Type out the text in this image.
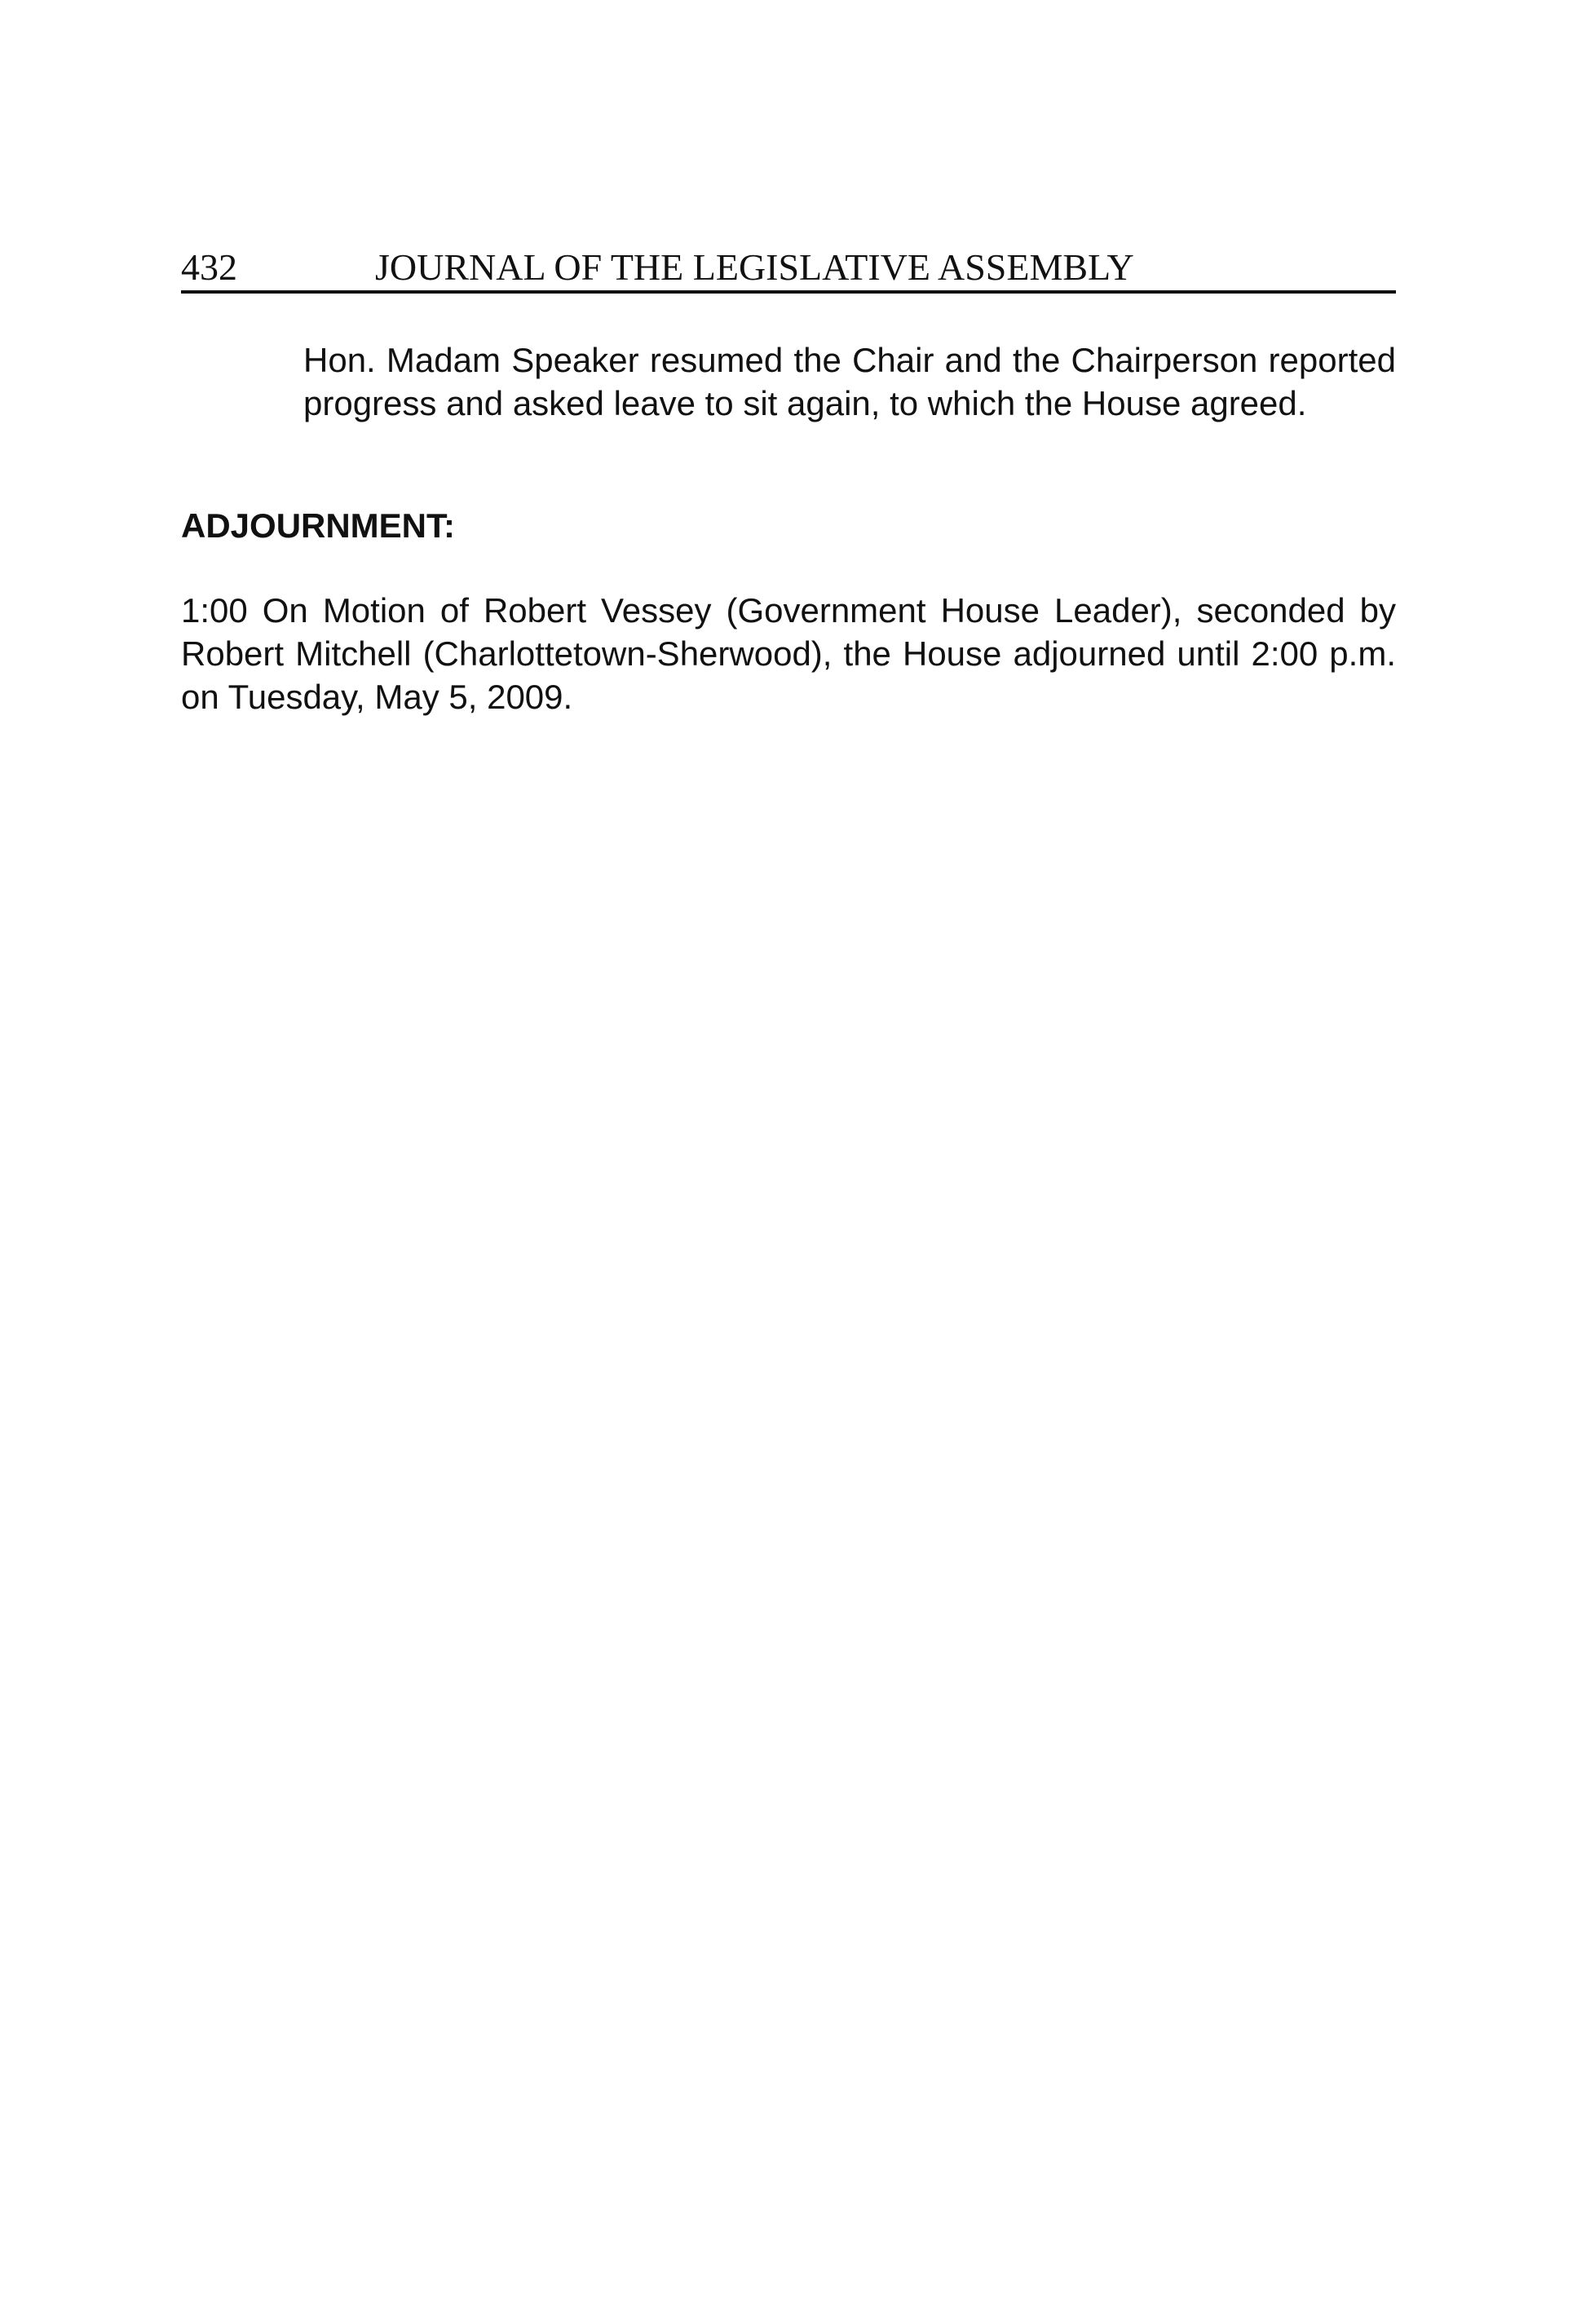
432	JOURNAL OF THE LEGISLATIVE ASSEMBLY

Hon. Madam Speaker resumed the Chair and the Chairperson reported progress and asked leave to sit again, to which the House agreed.

ADJOURNMENT:

1:00 On Motion of Robert Vessey (Government House Leader), seconded by Robert Mitchell (Charlottetown-Sherwood), the House adjourned until 2:00 p.m. on Tuesday, May 5, 2009.
